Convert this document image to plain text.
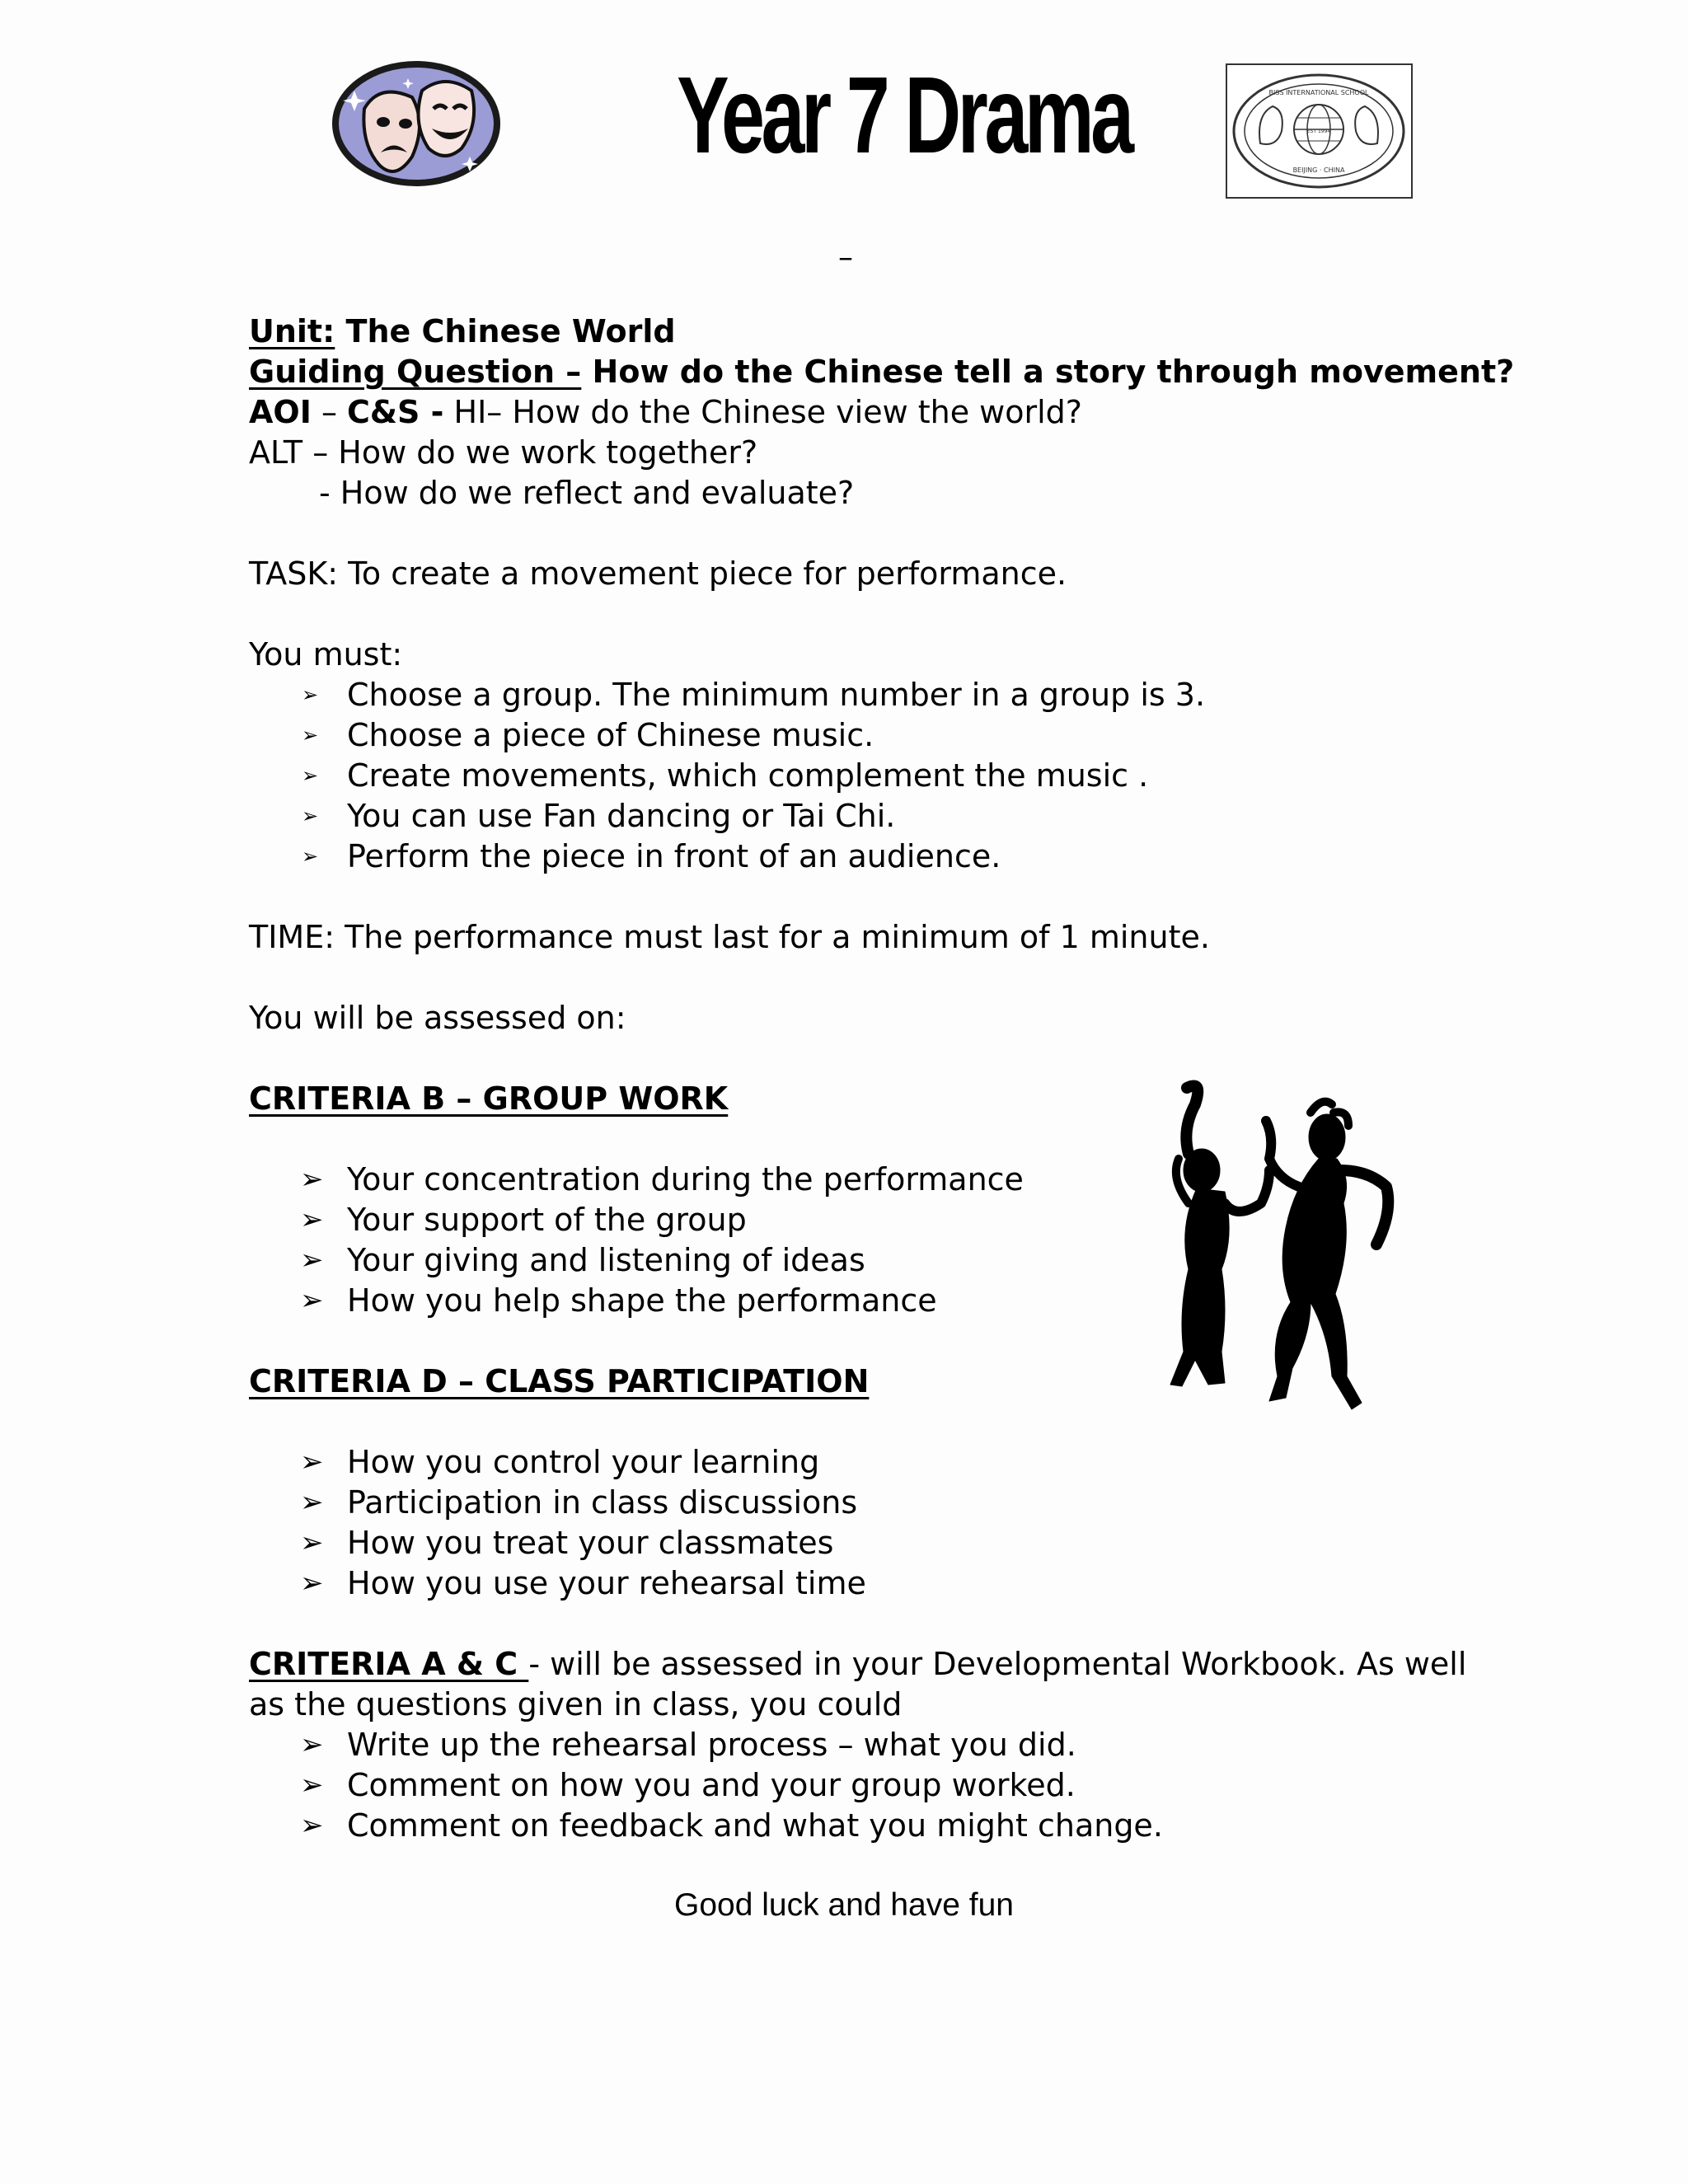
Year 7 Drama	BISS INTERNATIONAL SCHOOL
EST 1994
BEIJING · CHINA
–
Unit: The Chinese World
Guiding Question – How do the Chinese tell a story through movement?
AOI – C&S - HI– How do the Chinese view the world?
ALT – How do we work together?
- How do we reflect and evaluate?
TASK: To create a movement piece for performance.
You must:
➢ Choose a group. The minimum number in a group is 3.
➢ Choose a piece of Chinese music.
➢ Create movements, which complement the music .
➢ You can use Fan dancing or Tai Chi.
➢ Perform the piece in front of an audience.
TIME: The performance must last for a minimum of 1 minute.
You will be assessed on:
CRITERIA B – GROUP WORK
➢ Your concentration during the performance
➢ Your support of the group
➢ Your giving and listening of ideas
➢ How you help shape the performance
CRITERIA D – CLASS PARTICIPATION
➢ How you control your learning
➢ Participation in class discussions
➢ How you treat your classmates
➢ How you use your rehearsal time
CRITERIA A & C - will be assessed in your Developmental Workbook. As well
as the questions given in class, you could
➢ Write up the rehearsal process – what you did.
➢ Comment on how you and your group worked.
➢ Comment on feedback and what you might change.
Good luck and have fun
